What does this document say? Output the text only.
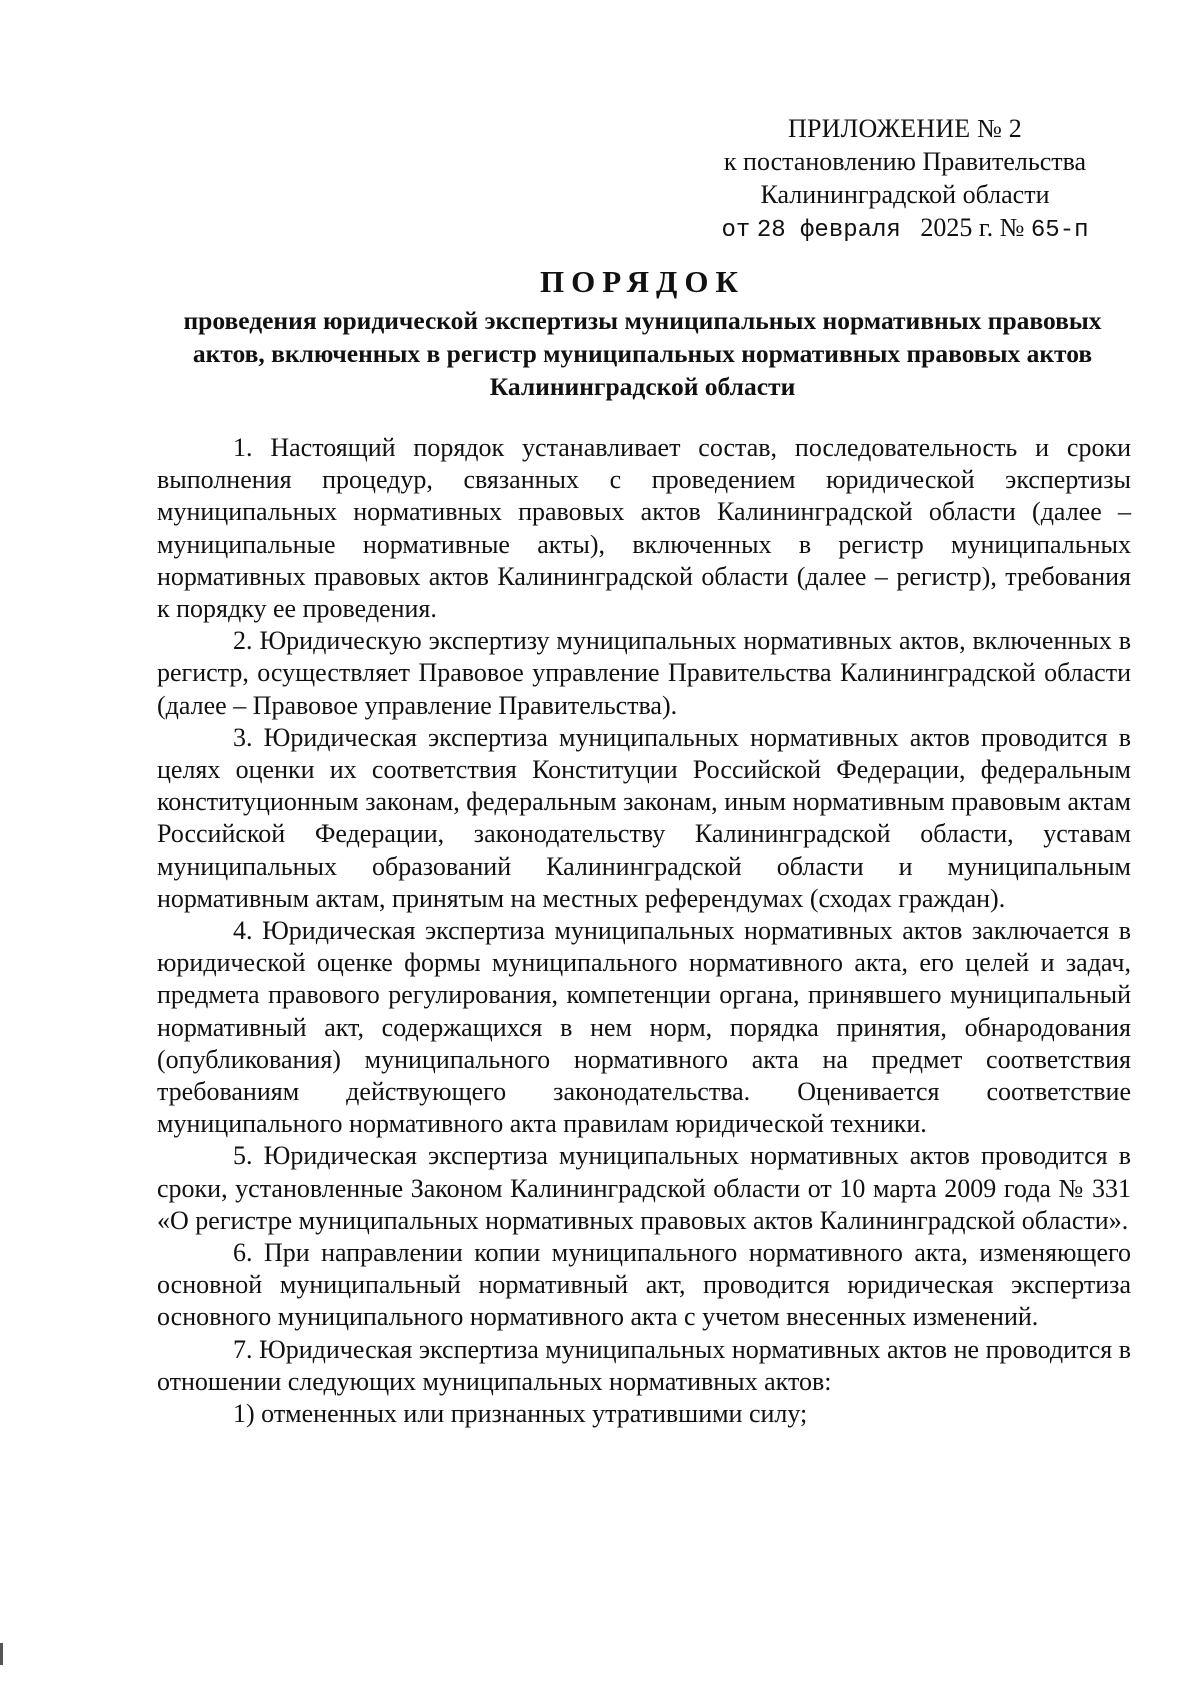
ПРИЛОЖЕНИЕ № 2
к постановлению Правительства
Калининградской области
от 28 февраля 2025 г. № 65-п
ПОРЯДОК
проведения юридической экспертизы муниципальных нормативных правовых актов, включенных в регистр муниципальных нормативных правовых актов Калининградской области

1. Настоящий порядок устанавливает состав, последовательность и сроки выполнения процедур, связанных с проведением юридической экспертизы муниципальных нормативных правовых актов Калининградской области (далее – муниципальные нормативные акты), включенных в регистр муниципальных нормативных правовых актов Калининградской области (далее – регистр), требования к порядку ее проведения.

2. Юридическую экспертизу муниципальных нормативных актов, включенных в регистр, осуществляет Правовое управление Правительства Калининградской области (далее – Правовое управление Правительства).

3. Юридическая экспертиза муниципальных нормативных актов проводится в целях оценки их соответствия Конституции Российской Федерации, федеральным конституционным законам, федеральным законам, иным нормативным правовым актам Российской Федерации, законодательству Калининградской области, уставам муниципальных образований Калининградской области и муниципальным нормативным актам, принятым на местных референдумах (сходах граждан).

4. Юридическая экспертиза муниципальных нормативных актов заключается в юридической оценке формы муниципального нормативного акта, его целей и задач, предмета правового регулирования, компетенции органа, принявшего муниципальный нормативный акт, содержащихся в нем норм, порядка принятия, обнародования (опубликования) муниципального нормативного акта на предмет соответствия требованиям действующего законодательства. Оценивается соответствие муниципального нормативного акта правилам юридической техники.

5. Юридическая экспертиза муниципальных нормативных актов проводится в сроки, установленные Законом Калининградской области от 10 марта 2009 года № 331 «О регистре муниципальных нормативных правовых актов Калининградской области».

6. При направлении копии муниципального нормативного акта, изменяющего основной муниципальный нормативный акт, проводится юридическая экспертиза основного муниципального нормативного акта с учетом внесенных изменений.

7. Юридическая экспертиза муниципальных нормативных актов не проводится в отношении следующих муниципальных нормативных актов:

1) отмененных или признанных утратившими силу;
